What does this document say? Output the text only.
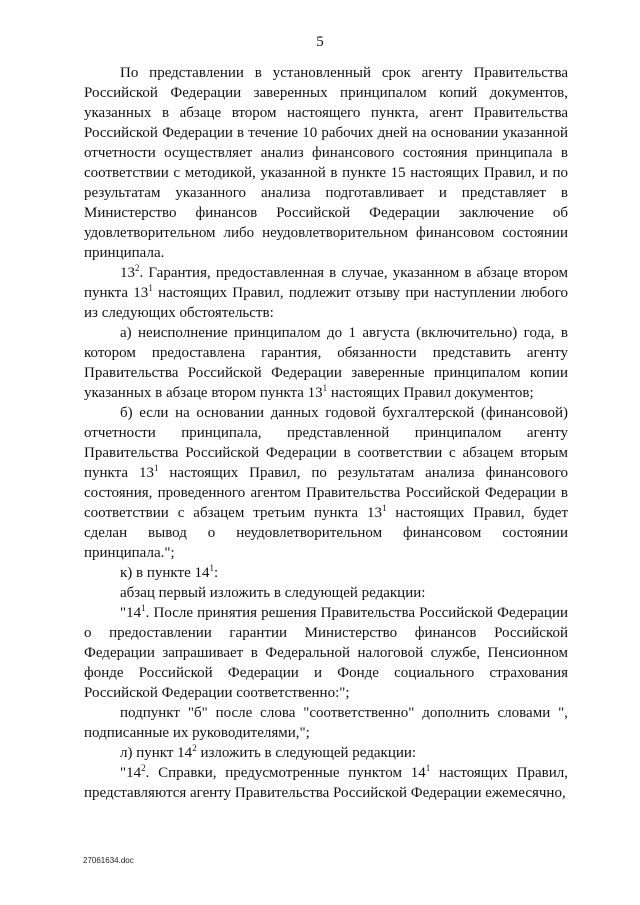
5

По представлении в установленный срок агенту Правительства Российской Федерации заверенных принципалом копий документов, указанных в абзаце втором настоящего пункта, агент Правительства Российской Федерации в течение 10 рабочих дней на основании указанной отчетности осуществляет анализ финансового состояния принципала в соответствии с методикой, указанной в пункте 15 настоящих Правил, и по результатам указанного анализа подготавливает и представляет в Министерство финансов Российской Федерации заключение об удовлетворительном либо неудовлетворительном финансовом состоянии принципала.

$13^2$. Гарантия, предоставленная в случае, указанном в абзаце втором пункта $13^1$ настоящих Правил, подлежит отзыву при наступлении любого из следующих обстоятельств:

а) неисполнение принципалом до 1 августа (включительно) года, в котором предоставлена гарантия, обязанности представить агенту Правительства Российской Федерации заверенные принципалом копии указанных в абзаце втором пункта $13^1$ настоящих Правил документов;

б) если на основании данных годовой бухгалтерской (финансовой) отчетности принципала, представленной принципалом агенту Правительства Российской Федерации в соответствии с абзацем вторым пункта $13^1$ настоящих Правил, по результатам анализа финансового состояния, проведенного агентом Правительства Российской Федерации в соответствии с абзацем третьим пункта $13^1$ настоящих Правил, будет сделан вывод о неудовлетворительном финансовом состоянии принципала.";

к) в пункте $14^1$:

абзац первый изложить в следующей редакции:

"$14^1$. После принятия решения Правительства Российской Федерации о предоставлении гарантии Министерство финансов Российской Федерации запрашивает в Федеральной налоговой службе, Пенсионном фонде Российской Федерации и Фонде социального страхования Российской Федерации соответственно:";

подпункт "б" после слова "соответственно" дополнить словами ", подписанные их руководителями,";

л) пункт $14^2$ изложить в следующей редакции:

"$14^2$. Справки, предусмотренные пунктом $14^1$ настоящих Правил, представляются агенту Правительства Российской Федерации ежемесячно,

27061634.doc
